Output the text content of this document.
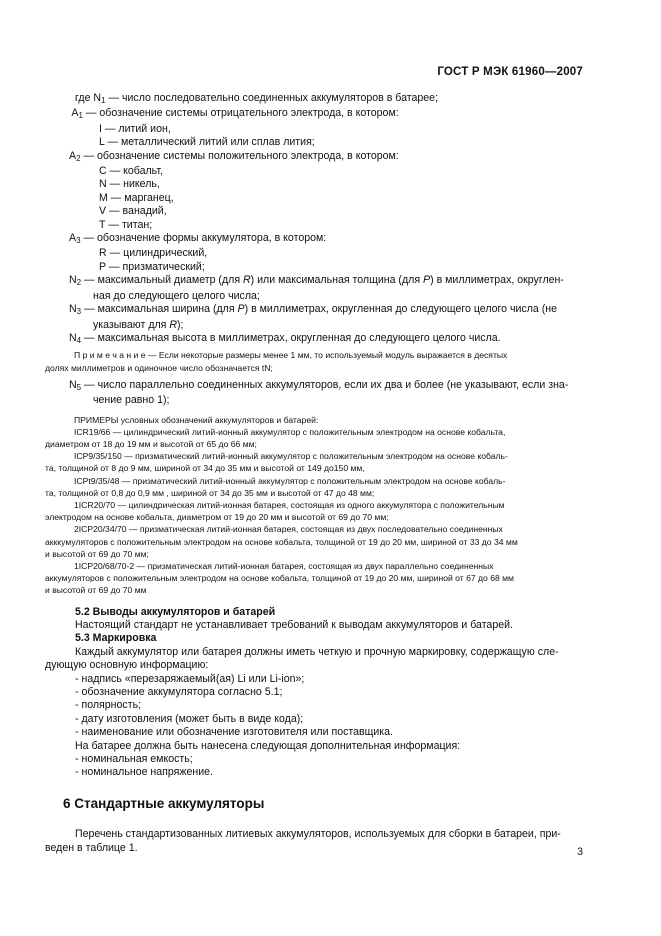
ГОСТ Р МЭК 61960—2007
где $N_1$ — число последовательно соединенных аккумуляторов в батарее;
$A_1$ — обозначение системы отрицательного электрода, в котором:
I — литий ион,
L — металлический литий или сплав лития;
$A_2$ — обозначение системы положительного электрода, в котором:
С — кобальт,
N — никель,
М — марганец,
V — ванадий,
Т — титан;
$A_3$ — обозначение формы аккумулятора, в котором:
R — цилиндрический,
Р — призматический;
$N_2$ — максимальный диаметр (для R) или максимальная толщина (для Р) в миллиметрах, округлен-
ная до следующего целого числа;
$N_3$ — максимальная ширина (для Р) в миллиметрах, округленная до следующего целого числа (не
указывают для R);
$N_4$ — максимальная высота в миллиметрах, округленная до следующего целого числа.
П р и м е ч а н и е — Если некоторые размеры менее 1 мм, то используемый модуль выражается в десятых
долях миллиметров и одиночное число обозначается tN;
$N_5$ — число параллельно соединенных аккумуляторов, если их два и более (не указывают, если зна-
чение равно 1);
ПРИМЕРЫ условных обозначений аккумуляторов и батарей:
ICR19/66 — цилиндрический литий-ионный аккумулятор с положительным электродом на основе кобальта,
диаметром от 18 до 19 мм и высотой от 65 до 66 мм;
ICP9/35/150 — призматический литий-ионный аккумулятор с положительным электродом на основе кобаль-
та, толщиной от 8 до 9 мм, шириной от 34 до 35 мм и высотой от 149 до150 мм,
ICPt9/35/48 — призматический литий-ионный аккумулятор с положительным электродом на основе кобаль-
та, толщиной от 0,8 до 0,9 мм , шириной от 34 до 35 мм и высотой от 47 до 48 мм;
1ICR20/70 — цилиндрическая литий-ионная батарея, состоящая из одного аккумулятора с положительным
электродом на основе кобальта, диаметром от 19 до 20 мм и высотой от 69 до 70 мм;
2ICP20/34/70 — призматическая литий-ионная батарея, состоящая из двух последовательно соединенных
акккумуляторов с положительным электродом на основе кобальта, толщиной от 19 до 20 мм, шириной от 33 до 34 мм
и высотой от 69 до 70 мм;
1ICP20/68/70-2 — призматическая литий-ионная батарея, состоящая из двух параллельно соединенных
аккумуляторов с положительным электродом на основе кобальта, толщиной от 19 до 20 мм, шириной от 67 до 68 мм
и высотой от 69 до 70 мм
5.2 Выводы аккумуляторов и батарей
Настоящий стандарт не устанавливает требований к выводам аккумуляторов и батарей.
5.3 Маркировка
Каждый аккумулятор или батарея должны иметь четкую и прочную маркировку, содержащую сле-
дующую основную информацию:
- надпись «перезаряжаемый(ая) Li или Li-ion»;
- обозначение аккумулятора согласно 5.1;
- полярность;
- дату изготовления (может быть в виде кода);
- наименование или обозначение изготовителя или поставщика.
На батарее должна быть нанесена следующая дополнительная информация:
- номинальная емкость;
- номинальное напряжение.
6 Стандартные аккумуляторы
Перечень стандартизованных литиевых аккумуляторов, используемых для сборки в батареи, при-
веден в таблице 1.	3
